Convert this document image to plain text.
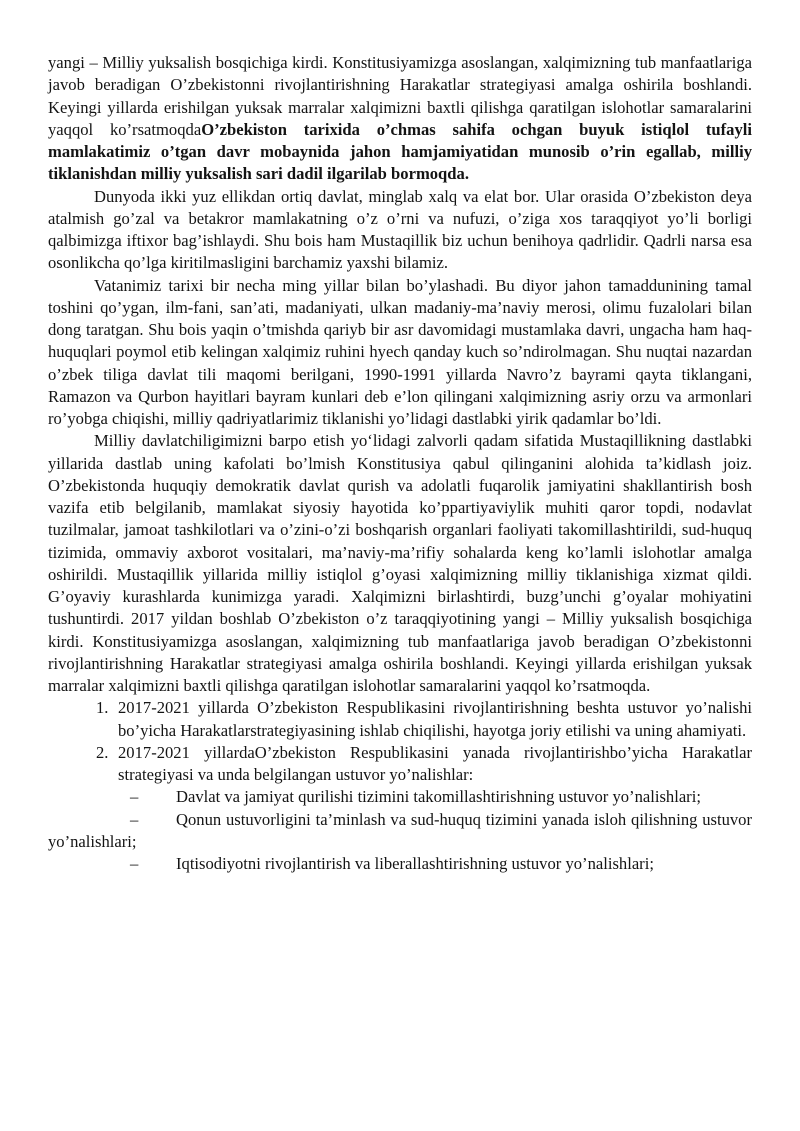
yangi – Milliy yuksalish bosqichiga kirdi. Konstitusiyamizga asoslangan, xalqimizning tub manfaatlariga javob beradigan O’zbekistonni rivojlantirishning Harakatlar strategiyasi amalga oshirila boshlandi. Keyingi yillarda erishilgan yuksak marralar xalqimizni baxtli qilishga qaratilgan islohotlar samaralarini yaqqol ko’rsatmoqdaO’zbekiston tarixida o’chmas sahifa ochgan buyuk istiqlol tufayli mamlakatimiz o’tgan davr mobaynida jahon hamjamiyatidan munosib o’rin egallab, milliy tiklanishdan milliy yuksalish sari dadil ilgarilab bormoqda.

Dunyoda ikki yuz ellikdan ortiq davlat, minglab xalq va elat bor. Ular orasida O’zbekiston deya atalmish go’zal va betakror mamlakatning o’z o’rni va nufuzi, o’ziga xos taraqqiyot yo’li borligi qalbimizga iftixor bag’ishlaydi. Shu bois ham Mustaqillik biz uchun benihoya qadrlidir. Qadrli narsa esa osonlikcha qo’lga kiritilmasligini barchamiz yaxshi bilamiz.

Vatanimiz tarixi bir necha ming yillar bilan bo’ylashadi. Bu diyor jahon tamaddunining tamal toshini qo’ygan, ilm-fani, san’ati, madaniyati, ulkan madaniy-ma’naviy merosi, olimu fuzalolari bilan dong taratgan. Shu bois yaqin o’tmishda qariyb bir asr davomidagi mustamlaka davri, ungacha ham haq-huquqlari poymol etib kelingan xalqimiz ruhini hyech qanday kuch so’ndirolmagan. Shu nuqtai nazardan o’zbek tiliga davlat tili maqomi berilgani, 1990-1991 yillarda Navro’z bayrami qayta tiklangani, Ramazon va Qurbon hayitlari bayram kunlari deb e’lon qilingani xalqimizning asriy orzu va armonlari ro’yobga chiqishi, milliy qadriyatlarimiz tiklanishi yo’lidagi dastlabki yirik qadamlar bo’ldi.

Milliy davlatchiligimizni barpo etish yo‘lidagi zalvorli qadam sifatida Mustaqillikning dastlabki yillarida dastlab uning kafolati bo’lmish Konstitusiya qabul qilinganini alohida ta’kidlash joiz. O’zbekistonda huquqiy demokratik davlat qurish va adolatli fuqarolik jamiyatini shakllantirish bosh vazifa etib belgilanib, mamlakat siyosiy hayotida ko’ppartiyaviylik muhiti qaror topdi, nodavlat tuzilmalar, jamoat tashkilotlari va o’zini-o’zi boshqarish organlari faoliyati takomillashtirildi, sud-huquq tizimida, ommaviy axborot vositalari, ma’naviy-ma’rifiy sohalarda keng ko’lamli islohotlar amalga oshirildi. Mustaqillik yillarida milliy istiqlol g’oyasi xalqimizning milliy tiklanishiga xizmat qildi. G’oyaviy kurashlarda kunimizga yaradi. Xalqimizni birlashtirdi, buzg’unchi g’oyalar mohiyatini tushuntirdi. 2017 yildan boshlab O’zbekiston o’z taraqqiyotining yangi – Milliy yuksalish bosqichiga kirdi. Konstitusiyamizga asoslangan, xalqimizning tub manfaatlariga javob beradigan O’zbekistonni rivojlantirishning Harakatlar strategiyasi amalga oshirila boshlandi. Keyingi yillarda erishilgan yuksak marralar xalqimizni baxtli qilishga qaratilgan islohotlar samaralarini yaqqol ko’rsatmoqda.

2017-2021 yillarda O’zbekiston Respublikasini rivojlantirishning beshta ustuvor yo’nalishi bo’yicha Harakatlarstrategiyasining ishlab chiqilishi, hayotga joriy etilishi va uning ahamiyati.
2017-2021 yillardaO’zbekiston Respublikasini yanada rivojlantirishbo’yicha Harakatlar strategiyasi va unda belgilangan ustuvor yo’nalishlar:

– Davlat va jamiyat qurilishi tizimini takomillashtirishning ustuvor yo’nalishlari;

– Qonun ustuvorligini ta’minlash va sud-huquq tizimini yanada isloh qilishning ustuvor yo’nalishlari;

– Iqtisodiyotni rivojlantirish va liberallashtirishning ustuvor yo’nalishlari;
